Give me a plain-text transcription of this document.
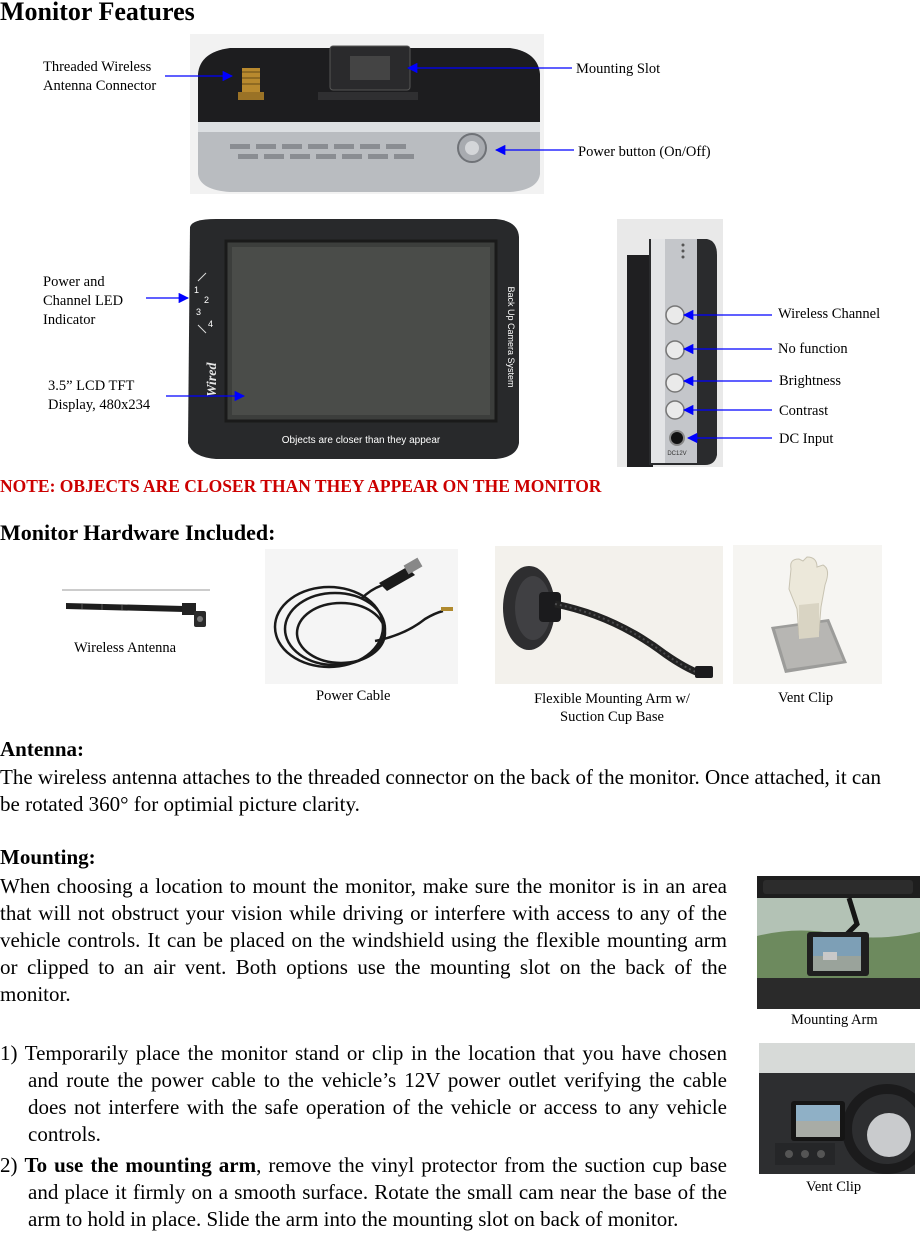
Monitor Features
Objects are closer than they appear
1
2
3
4	Back Up Camera System
Wired
DC12V
Threaded Wireless
Antenna Connector
Mounting Slot
Power button (On/Off)
Power and
Channel LED
Indicator
3.5” LCD TFT
Display, 480x234
Wireless Channel
No function
Brightness
Contrast
DC Input
NOTE: OBJECTS ARE CLOSER THAN THEY APPEAR ON THE MONITOR
Monitor Hardware Included:
Wireless Antenna
Power Cable	Flexible Mounting Arm w/
Suction Cup Base
Vent Clip
Antenna:
The wireless antenna attaches to the threaded connector on the back of the monitor. Once attached, it can be rotated 360° for optimial picture clarity.
Mounting:
When choosing a location to mount the monitor, make sure the monitor is in an area that will not obstruct your vision while driving or interfere with access to any of the vehicle controls. It can be placed on the windshield using the flexible mounting arm or clipped to an air vent. Both options use the mounting slot on the back of the monitor.
1) Temporarily place the monitor stand or clip in the location that you have chosen and route the power cable to the vehicle’s 12V power outlet verifying the cable does not interfere with the safe operation of the vehicle or access to any vehicle controls.
2) To use the mounting arm, remove the vinyl protector from the suction cup base and place it firmly on a smooth surface. Rotate the small cam near the base of the arm to hold in place. Slide the arm into the mounting slot on back of monitor.
Mounting Arm
Vent Clip
